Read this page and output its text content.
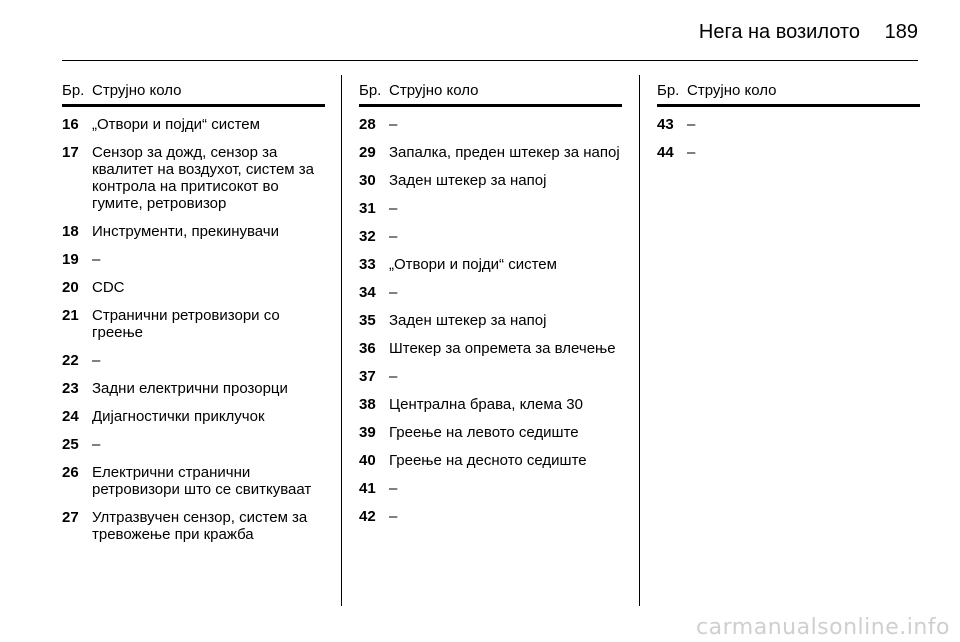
Нега на возилото 189
Бр. Струјно коло
16 „Отвори и појди“ систем
17 Сензор за дожд, сензор за квалитет на воздухот, систем за контрола на притисокот во гумите, ретровизор
18 Инструменти, прекинувачи
19 –
20 CDC
21 Странични ретровизори со греење
22 –
23 Задни електрични прозорци
24 Дијагностички приклучок
25 –
26 Електрични странични ретровизори што се свиткуваат
27 Ултразвучен сензор, систем за тревожење при кражба
Бр. Струјно коло
28 –
29 Запалка, преден штекер за напој
30 Заден штекер за напој
31 –
32 –
33 „Отвори и појди“ систем
34 –
35 Заден штекер за напој
36 Штекер за опремета за влечење
37 –
38 Централна брава, клема 30
39 Греење на левото седиште
40 Греење на десното седиште
41 –
42 –
Бр. Струјно коло
43 –
44 –
carmanualsonline.info
